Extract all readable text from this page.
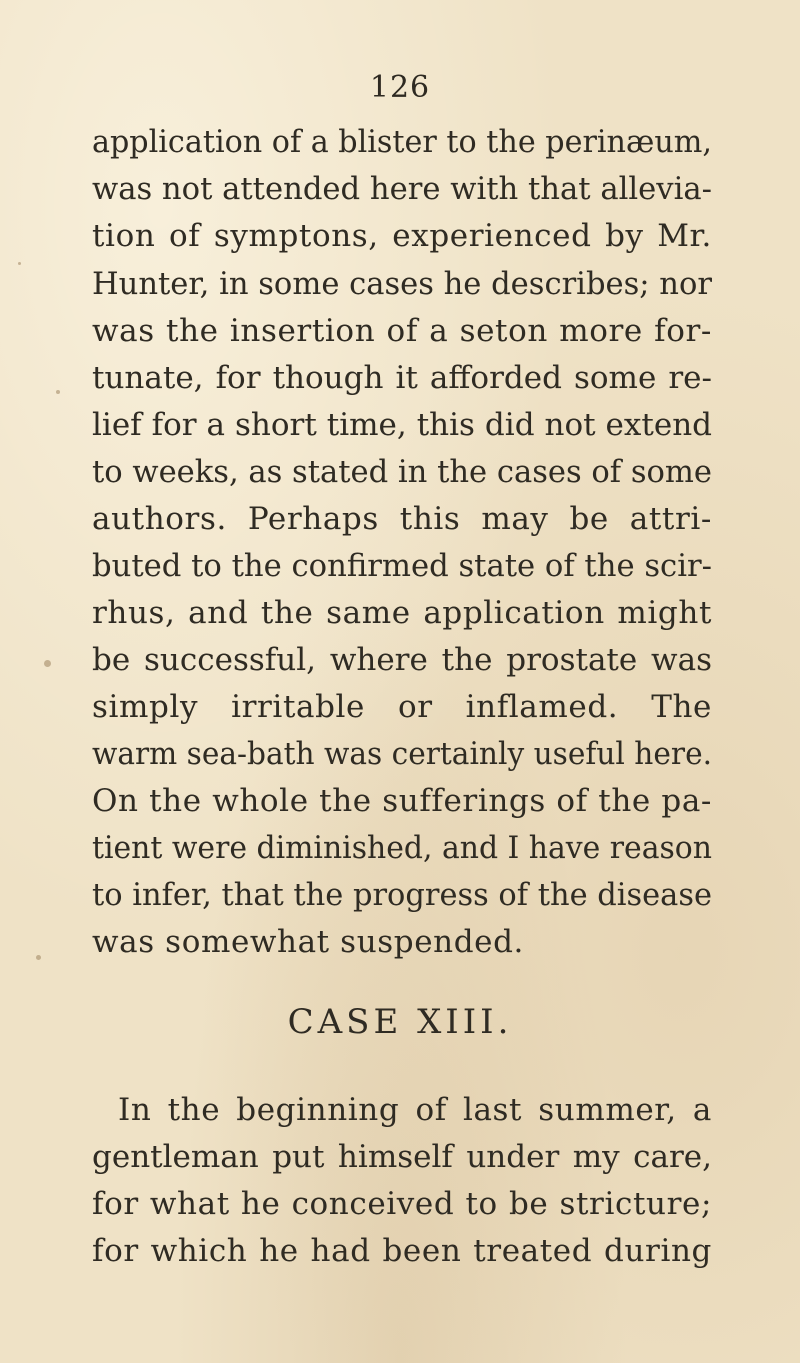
126
application of a blister to the perinæum,
was not attended here with that allevia-
tion of symptons, experienced by Mr.
Hunter, in some cases he describes; nor
was the insertion of a seton more for-
tunate, for though it afforded some re-
lief for a short time, this did not extend
to weeks, as stated in the cases of some
authors. Perhaps this may be attri-
buted to the confirmed state of the scir-
rhus, and the same application might
be successful, where the prostate was
simply irritable or inflamed. The
warm sea-bath was certainly useful here.
On the whole the sufferings of the pa-
tient were diminished, and I have reason
to infer, that the progress of the disease
was somewhat suspended.
CASE XIII.
In the beginning of last summer, a
gentleman put himself under my care,
for what he conceived to be stricture;
for which he had been treated during
